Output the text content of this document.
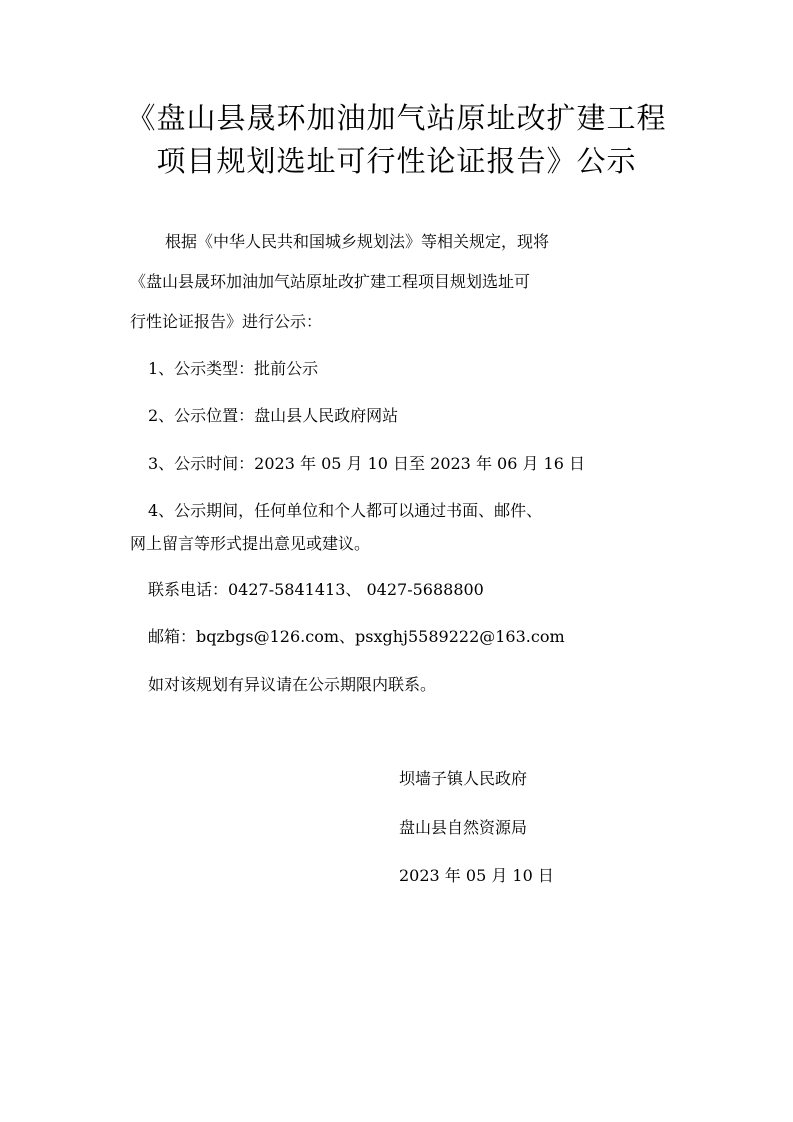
《盘山县晟环加油加气站原址改扩建工程
项目规划选址可行性论证报告》公示
根据《中华人民共和国城乡规划法》等相关规定，现将
《盘山县晟环加油加气站原址改扩建工程项目规划选址可
行性论证报告》进行公示：
1、公示类型：批前公示
2、公示位置：盘山县人民政府网站
3、公示时间：2023 年 05 月 10 日至 2023 年 06 月 16 日
4、公示期间，任何单位和个人都可以通过书面、邮件、
网上留言等形式提出意见或建议。
联系电话：0427-5841413、 0427-5688800
邮箱：bqzbgs@126.com、psxghj5589222@163.com
如对该规划有异议请在公示期限内联系。
坝墙子镇人民政府
盘山县自然资源局
2023 年 05 月 10 日
